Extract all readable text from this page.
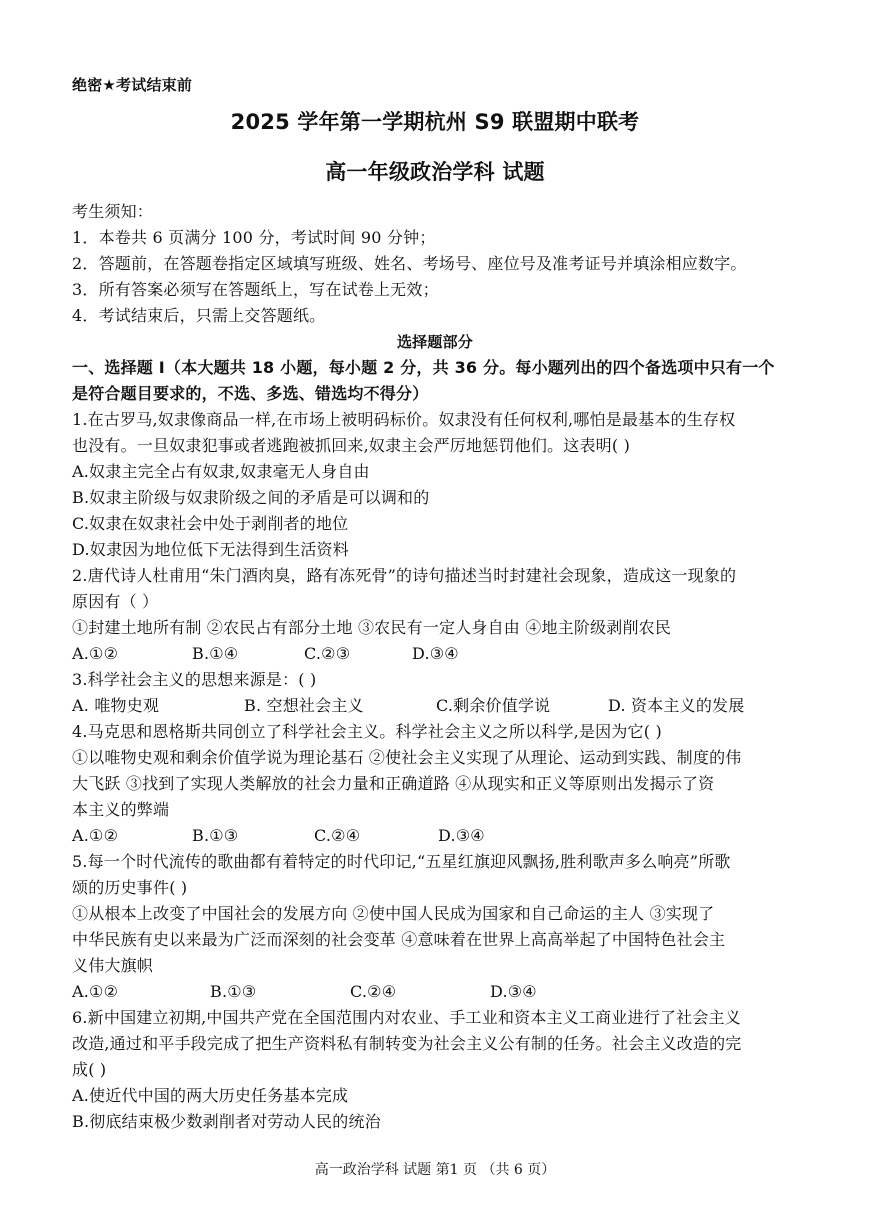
绝密★考试结束前
2025 学年第一学期杭州 S9 联盟期中联考
高一年级政治学科 试题
考生须知：
1．本卷共 6 页满分 100 分，考试时间 90 分钟；
2．答题前，在答题卷指定区域填写班级、姓名、考场号、座位号及准考证号并填涂相应数字。
3．所有答案必须写在答题纸上，写在试卷上无效；
4．考试结束后，只需上交答题纸。
选择题部分
一、选择题 I（本大题共 18 小题，每小题 2 分，共 36 分。每小题列出的四个备选项中只有一个
是符合题目要求的，不选、多选、错选均不得分）
1.在古罗马,奴隶像商品一样,在市场上被明码标价。奴隶没有任何权利,哪怕是最基本的生存权
也没有。一旦奴隶犯事或者逃跑被抓回来,奴隶主会严厉地惩罚他们。这表明( )
A.奴隶主完全占有奴隶,奴隶毫无人身自由
B.奴隶主阶级与奴隶阶级之间的矛盾是可以调和的
C.奴隶在奴隶社会中处于剥削者的地位
D.奴隶因为地位低下无法得到生活资料
2.唐代诗人杜甫用“朱门酒肉臭，路有冻死骨”的诗句描述当时封建社会现象，造成这一现象的
原因有（ ）
①封建土地所有制 ②农民占有部分土地 ③农民有一定人身自由 ④地主阶级剥削农民
A.①②	B.①④	C.②③	D.③④
3.科学社会主义的思想来源是：( )
A. 唯物史观	B. 空想社会主义	C.剩余价值学说	D. 资本主义的发展
4.马克思和恩格斯共同创立了科学社会主义。科学社会主义之所以科学,是因为它( )
①以唯物史观和剩余价值学说为理论基石 ②使社会主义实现了从理论、运动到实践、制度的伟
大飞跃 ③找到了实现人类解放的社会力量和正确道路 ④从现实和正义等原则出发揭示了资
本主义的弊端
A.①②	B.①③	C.②④	D.③④
5.每一个时代流传的歌曲都有着特定的时代印记,“五星红旗迎风飘扬,胜利歌声多么响亮”所歌
颂的历史事件( )
①从根本上改变了中国社会的发展方向 ②使中国人民成为国家和自己命运的主人 ③实现了
中华民族有史以来最为广泛而深刻的社会变革 ④意味着在世界上高高举起了中国特色社会主
义伟大旗帜
A.①②	B.①③	C.②④	D.③④
6.新中国建立初期,中国共产党在全国范围内对农业、手工业和资本主义工商业进行了社会主义
改造,通过和平手段完成了把生产资料私有制转变为社会主义公有制的任务。社会主义改造的完
成( )
A.使近代中国的两大历史任务基本完成
B.彻底结束极少数剥削者对劳动人民的统治
高一政治学科 试题 第1 页 （共 6 页）
